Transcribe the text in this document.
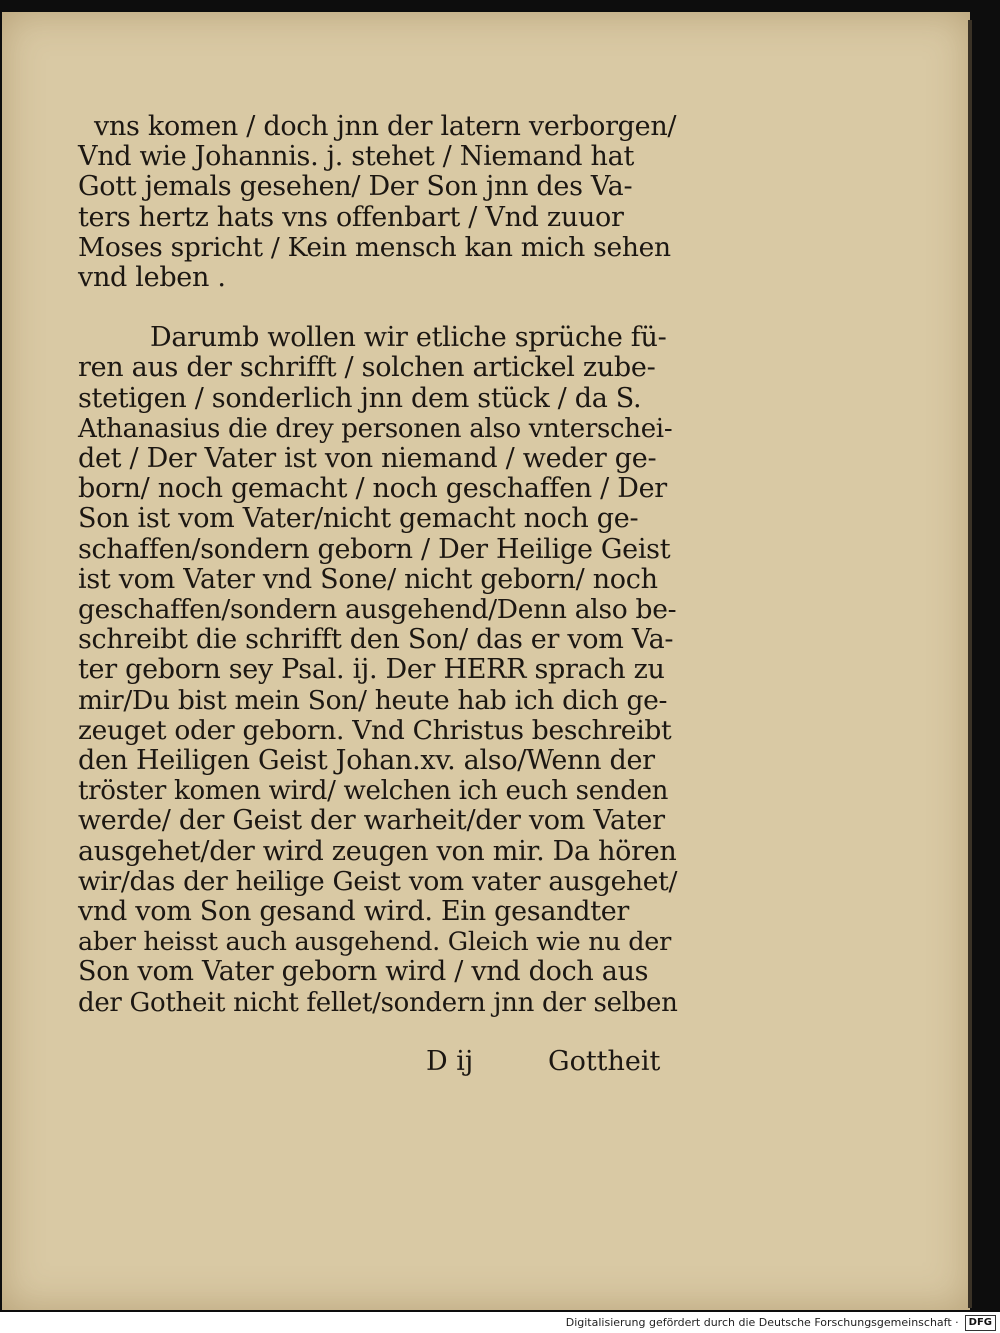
vns komen / doch jnn der latern verborgen/
Vnd wie Johannis. j. stehet / Niemand hat
Gott jemals gesehen/ Der Son jnn des Va-
ters hertz hats vns offenbart / Vnd zuuor
Moses spricht / Kein mensch kan mich sehen
vnd leben .
Darumb wollen wir etliche sprüche fü-
ren aus der schrifft / solchen artickel zube-
stetigen / sonderlich jnn dem stück / da S.
Athanasius die drey personen also vnterschei-
det / Der Vater ist von niemand / weder ge-
born/ noch gemacht / noch geschaffen / Der
Son ist vom Vater/nicht gemacht noch ge-
schaffen/sondern geborn / Der Heilige Geist
ist vom Vater vnd Sone/ nicht geborn/ noch
geschaffen/sondern ausgehend/Denn also be-
schreibt die schrifft den Son/ das er vom Va-
ter geborn sey Psal. ij. Der HERR sprach zu
mir/Du bist mein Son/ heute hab ich dich ge-
zeuget oder geborn. Vnd Christus beschreibt
den Heiligen Geist Johan.xv. also/Wenn der
tröster komen wird/ welchen ich euch senden
werde/ der Geist der warheit/der vom Vater
ausgehet/der wird zeugen von mir. Da hören
wir/das der heilige Geist vom vater ausgehet/
vnd vom Son gesand wird. Ein gesandter
aber heisst auch ausgehend. Gleich wie nu der
Son vom Vater geborn wird / vnd doch aus
der Gotheit nicht fellet/sondern jnn der selben
D ij	Gottheit
Digitalisierung gefördert durch die Deutsche Forschungsgemeinschaft ·	DFG
